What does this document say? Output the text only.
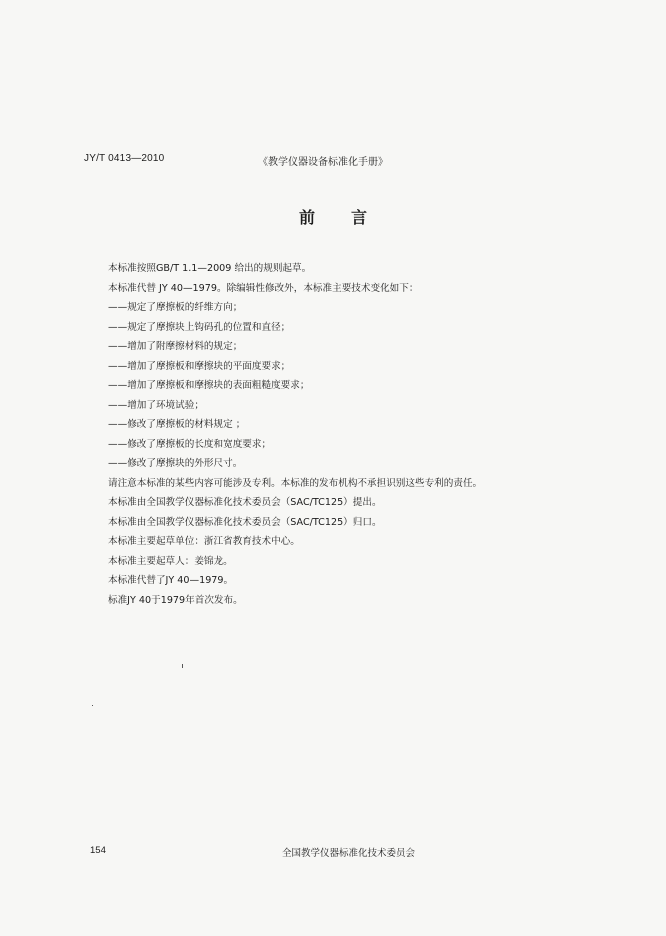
JY/T 0413—2010	《教学仪器设备标准化手册》
前 言
本标准按照GB/T 1.1—2009 给出的规则起草。
本标准代替 JY 40—1979。除编辑性修改外，本标准主要技术变化如下：
——规定了摩擦板的纤维方向；
——规定了摩擦块上钩码孔的位置和直径；
——增加了附摩擦材料的规定；
——增加了摩擦板和摩擦块的平面度要求；
——增加了摩擦板和摩擦块的表面粗糙度要求；
——增加了环境试验；
——修改了摩擦板的材料规定 ；
——修改了摩擦板的长度和宽度要求；
——修改了摩擦块的外形尺寸。
请注意本标准的某些内容可能涉及专利。本标准的发布机构不承担识别这些专利的责任。
本标准由全国教学仪器标准化技术委员会（SAC/TC125）提出。
本标准由全国教学仪器标准化技术委员会（SAC/TC125）归口。
本标准主要起草单位：浙江省教育技术中心。
本标准主要起草人：姜锦龙。
本标准代替了JY 40—1979。
标准JY 40于1979年首次发布。
154	全国教学仪器标准化技术委员会
